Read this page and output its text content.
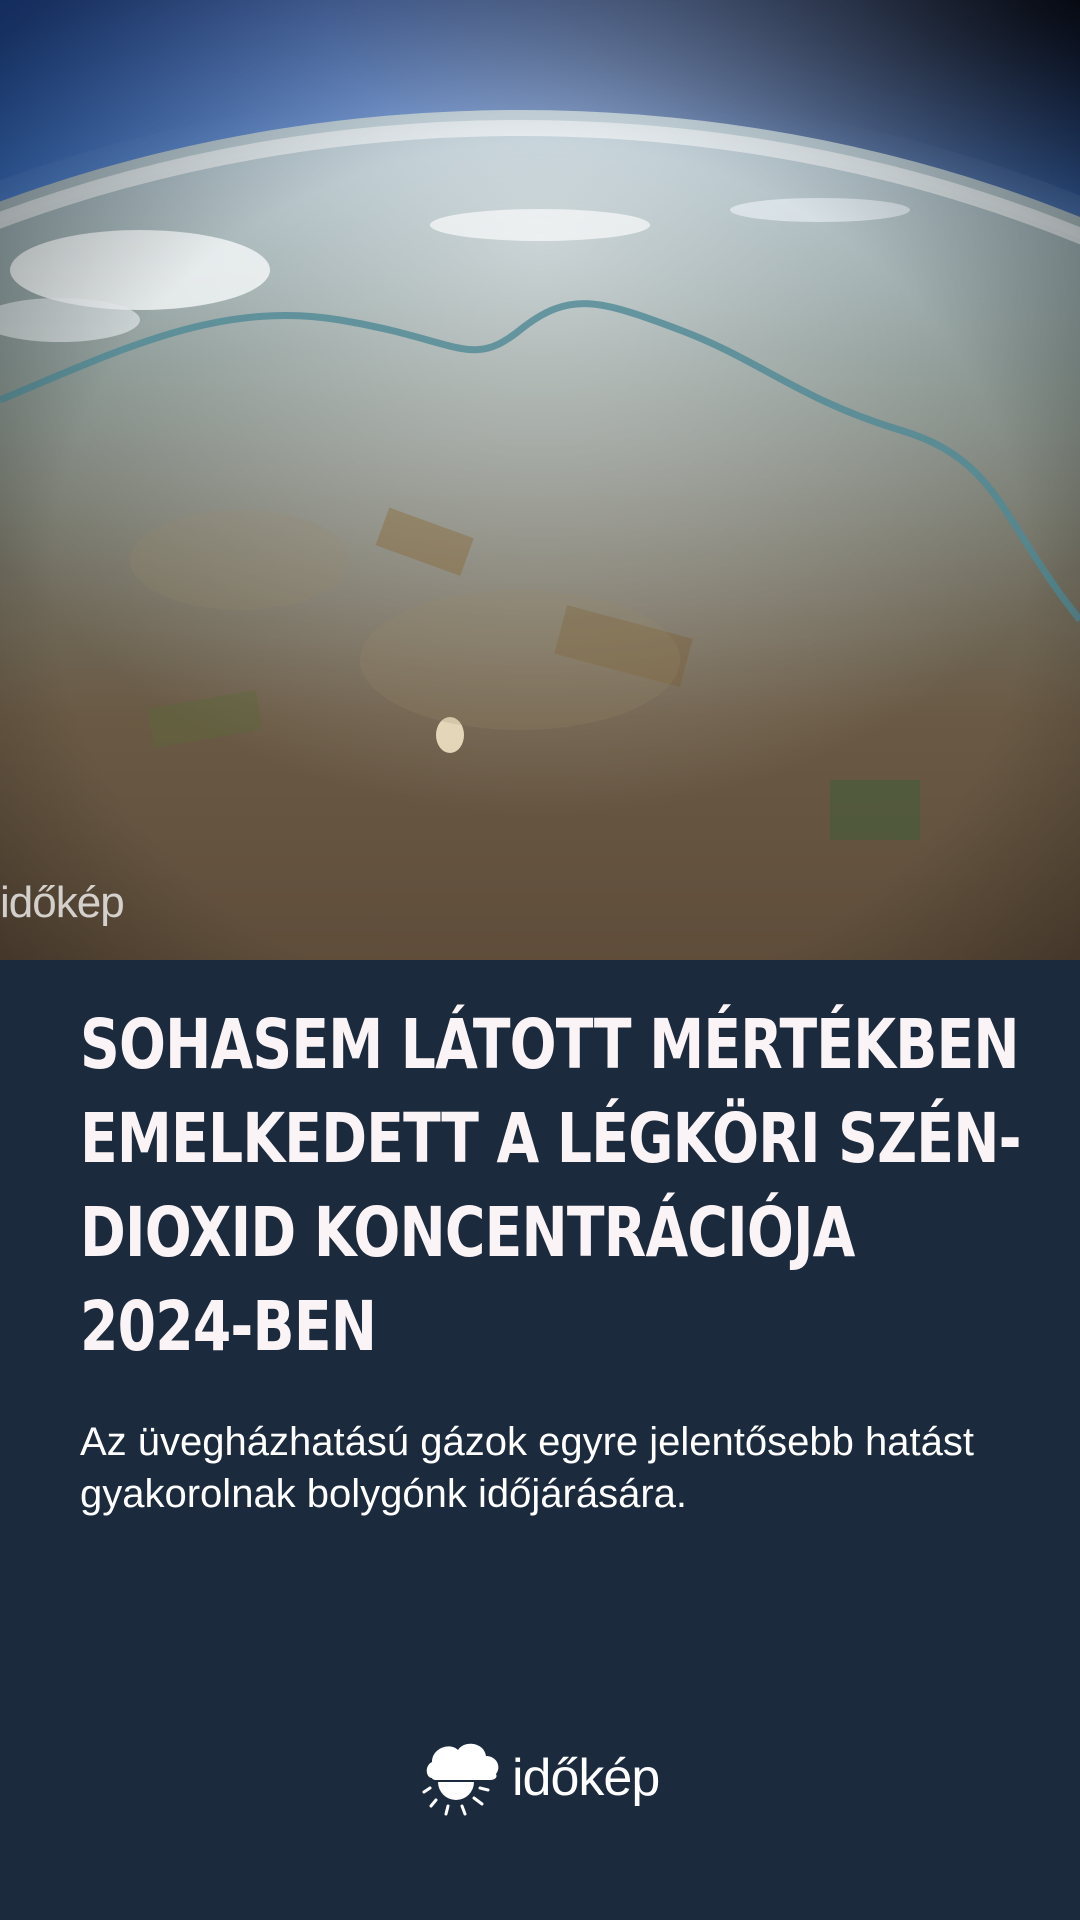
időkép
SOHASEM LÁTOTT MÉRTÉKBEN EMELKEDETT A LÉGKÖRI SZÉN-DIOXID KONCENTRÁCIÓJA 2024-BEN

Az üvegházhatású gázok egyre jelentősebb hatást gyakorolnak bolygónk időjárására.

időkép
